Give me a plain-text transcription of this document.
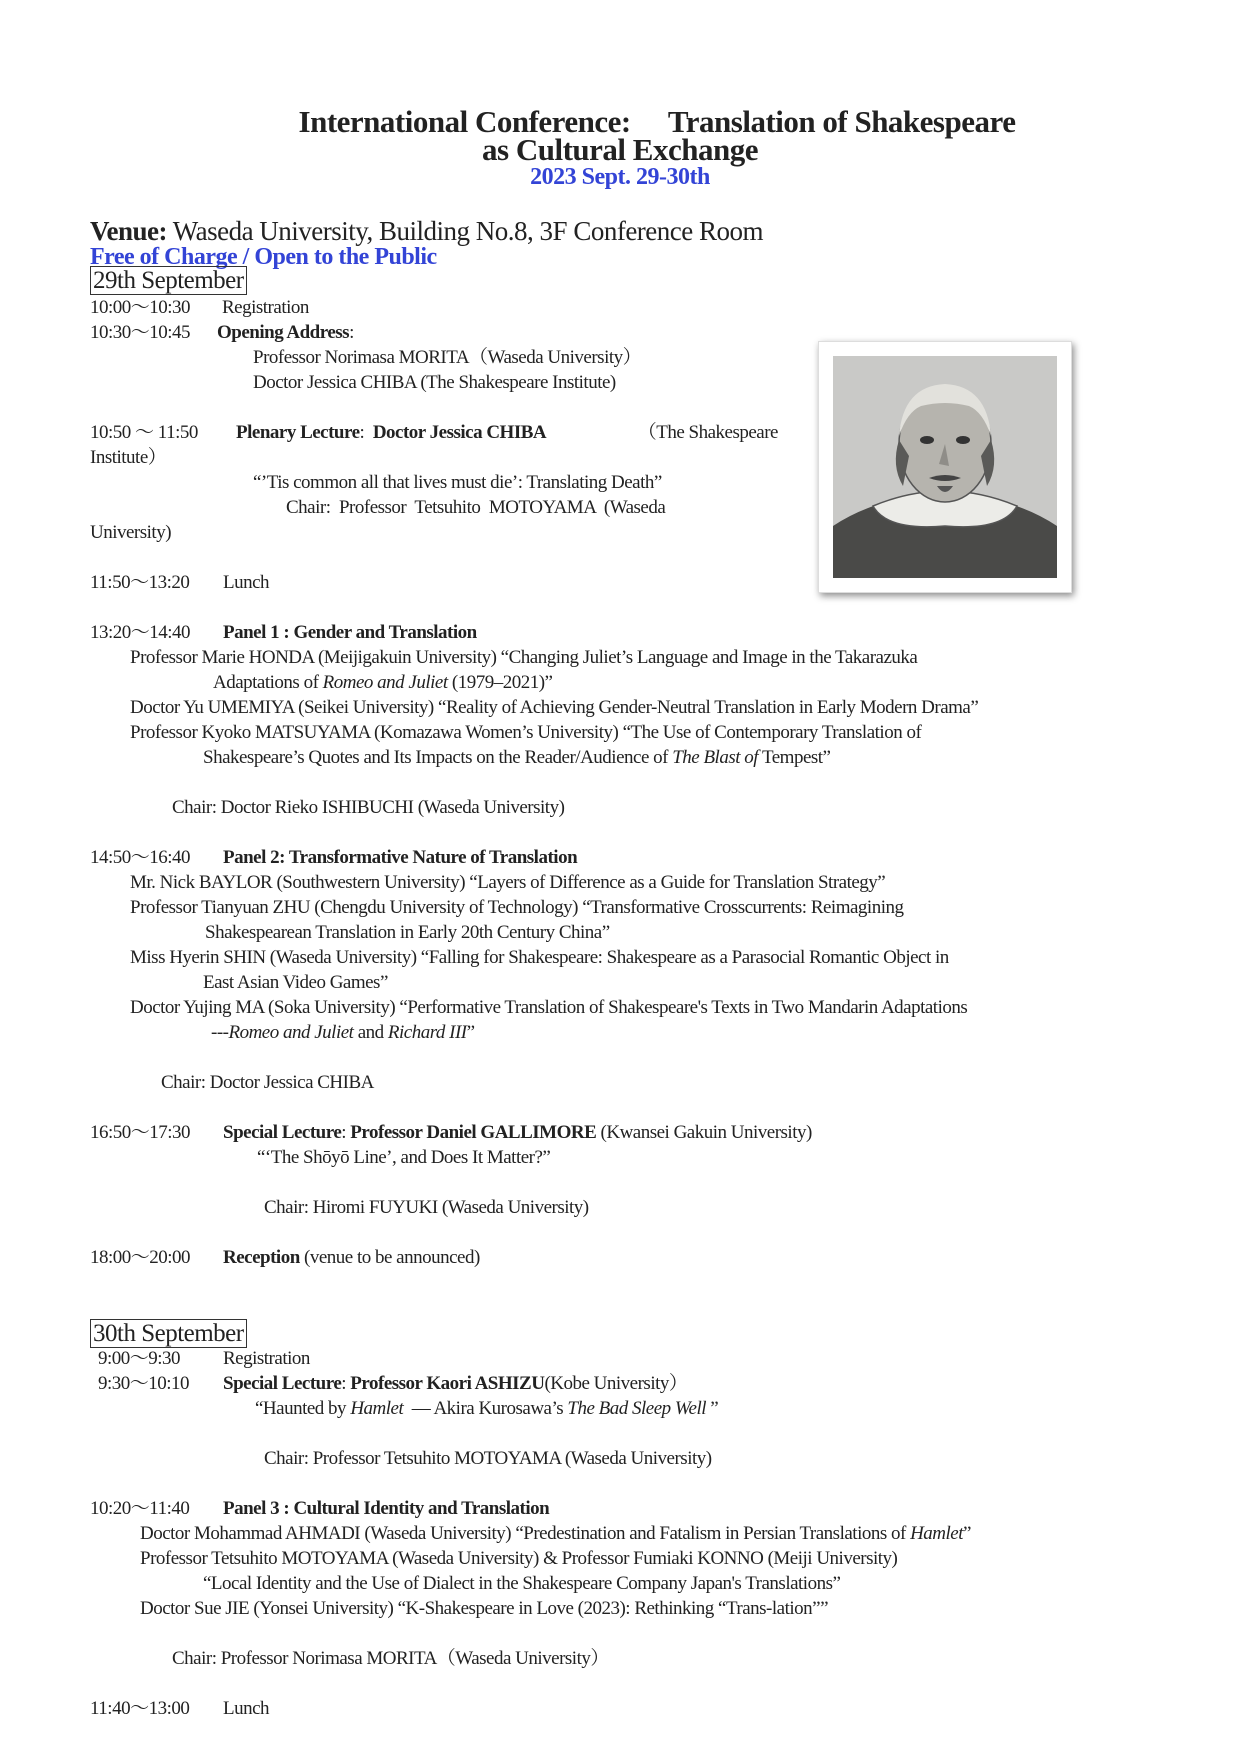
International Conference:　 Translation of Shakespeare
as Cultural Exchange
2023 Sept. 29-30th
Venue: Waseda University, Building No.8, 3F Conference Room
Free of Charge / Open to the Public
29th September
10:00～10:30 Registration
10:30～10:45 Opening Address:
Professor Norimasa MORITA（Waseda University）
Doctor Jessica CHIBA (The Shakespeare Institute)
10:50 ～ 11:50 Plenary Lecture:  Doctor Jessica CHIBA	（The Shakespeare
Institute）
“’Tis common all that lives must die’: Translating Death”
Chair:  Professor  Tetsuhito  MOTOYAMA  (Waseda
University)
11:50～13:20 Lunch
13:20～14:40 Panel 1 : Gender and Translation
Professor Marie HONDA (Meijigakuin University) “Changing Juliet’s Language and Image in the Takarazuka
Adaptations of Romeo and Juliet (1979–2021)”
Doctor Yu UMEMIYA (Seikei University) “Reality of Achieving Gender-Neutral Translation in Early Modern Drama”
Professor Kyoko MATSUYAMA (Komazawa Women’s University) “The Use of Contemporary Translation of
Shakespeare’s Quotes and Its Impacts on the Reader/Audience of The Blast of Tempest”
Chair: Doctor Rieko ISHIBUCHI (Waseda University)
14:50～16:40 Panel 2: Transformative Nature of Translation
Mr. Nick BAYLOR (Southwestern University) “Layers of Difference as a Guide for Translation Strategy”
Professor Tianyuan ZHU (Chengdu University of Technology) “Transformative Crosscurrents: Reimagining
Shakespearean Translation in Early 20th Century China”
Miss Hyerin SHIN (Waseda University) “Falling for Shakespeare: Shakespeare as a Parasocial Romantic Object in
East Asian Video Games”
Doctor Yujing MA (Soka University) “Performative Translation of Shakespeare's Texts in Two Mandarin Adaptations
---Romeo and Juliet and Richard III”
Chair: Doctor Jessica CHIBA
16:50～17:30 Special Lecture: Professor Daniel GALLIMORE (Kwansei Gakuin University)
“‘The Shōyō Line’, and Does It Matter?”
Chair: Hiromi FUYUKI (Waseda University)
18:00～20:00 Reception (venue to be announced)
30th September
9:00～9:30 Registration
9:30～10:10 Special Lecture: Professor Kaori ASHIZU(Kobe University）
“Haunted by Hamlet  — Akira Kurosawa’s The Bad Sleep Well ”
Chair: Professor Tetsuhito MOTOYAMA (Waseda University)
10:20～11:40 Panel 3 : Cultural Identity and Translation
Doctor Mohammad AHMADI (Waseda University) “Predestination and Fatalism in Persian Translations of Hamlet”
Professor Tetsuhito MOTOYAMA (Waseda University) & Professor Fumiaki KONNO (Meiji University)
“Local Identity and the Use of Dialect in the Shakespeare Company Japan's Translations”
Doctor Sue JIE (Yonsei University) “K-Shakespeare in Love (2023): Rethinking “Trans-lation””
Chair: Professor Norimasa MORITA（Waseda University）
11:40～13:00 Lunch
